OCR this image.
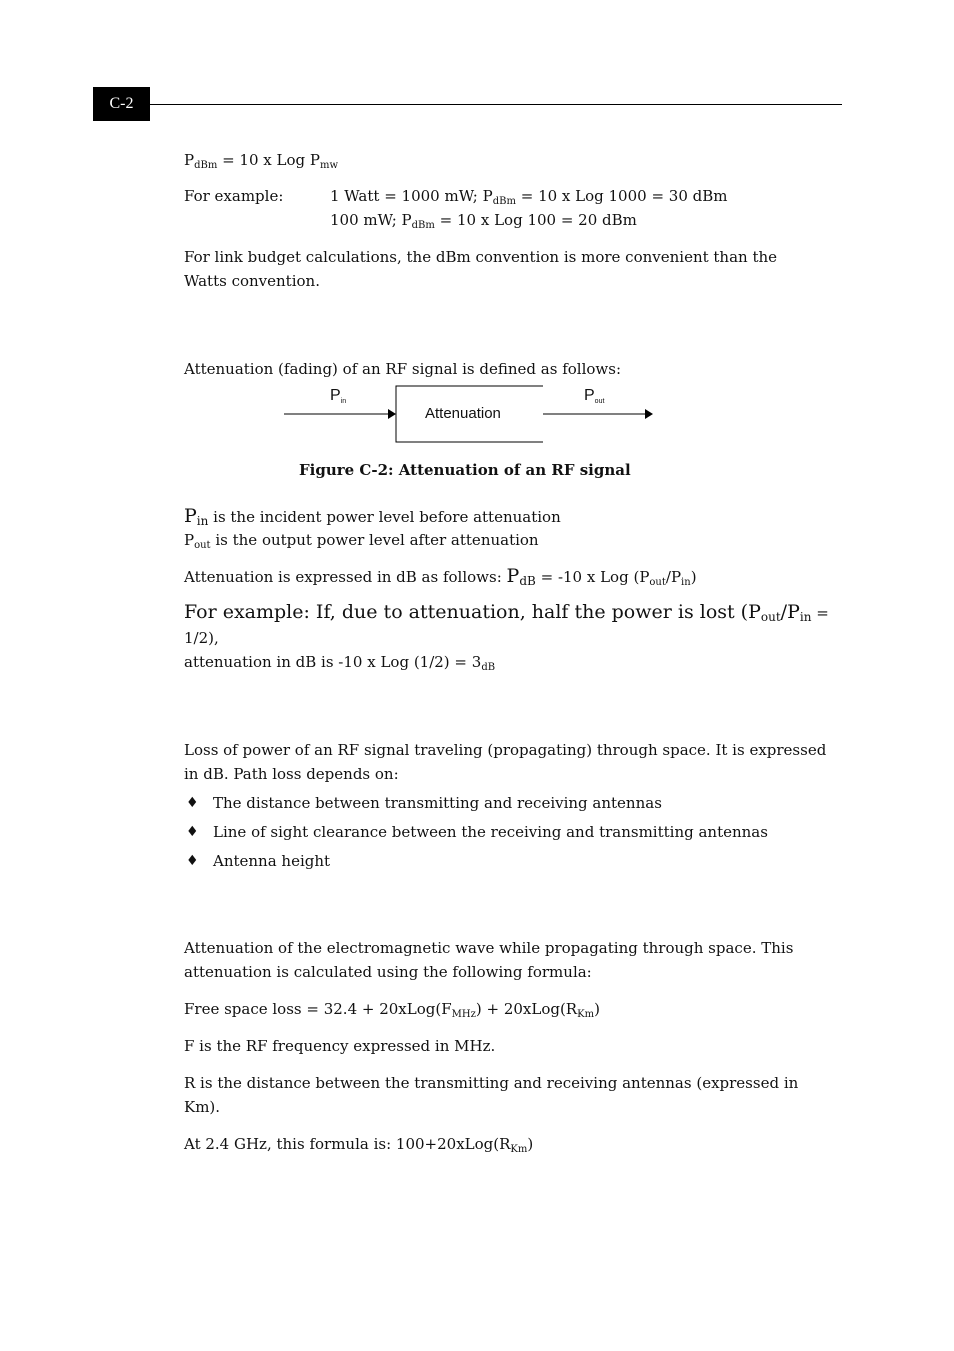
C-2
$P_{dBm} = 10$ x Log $P_{mw}$
For example:	1 Watt = 1000 mW; $P_{dBm} = 10$ x Log 1000 = 30 dBm
100 mW; $P_{dBm} = 10$ x Log 100 = 20 dBm
For link budget calculations, the dBm convention is more convenient than the
Watts convention.
Attenuation (fading) of an RF signal is defined as follows:
$P_{in}$	$P_{out}$
Attenuation
Figure C-2: Attenuation of an RF signal
$P_{in}$ is the incident power level before attenuation
$P_{out}$ is the output power level after attenuation
Attenuation is expressed in dB as follows: $P_{dB} = -10$ x Log $(P_{out}/P_{in})$
For example: If, due to attenuation, half the power is lost ($P_{out}/P_{in}$ =
1/2),
attenuation in dB is -10 x Log $(1/2) = 3_{dB}$
Loss of power of an RF signal traveling (propagating) through space. It is expressed
in dB. Path loss depends on:
♦ The distance between transmitting and receiving antennas
♦ Line of sight clearance between the receiving and transmitting antennas
♦ Antenna height
Attenuation of the electromagnetic wave while propagating through space. This
attenuation is calculated using the following formula:
Free space loss = $32.4 + 20xLog(F_{MHz})$ + $20xLog(R_{Km})$
F is the RF frequency expressed in MHz.
R is the distance between the transmitting and receiving antennas (expressed in
Km).
At 2.4 GHz, this formula is: $100+20xLog(R_{Km})$
